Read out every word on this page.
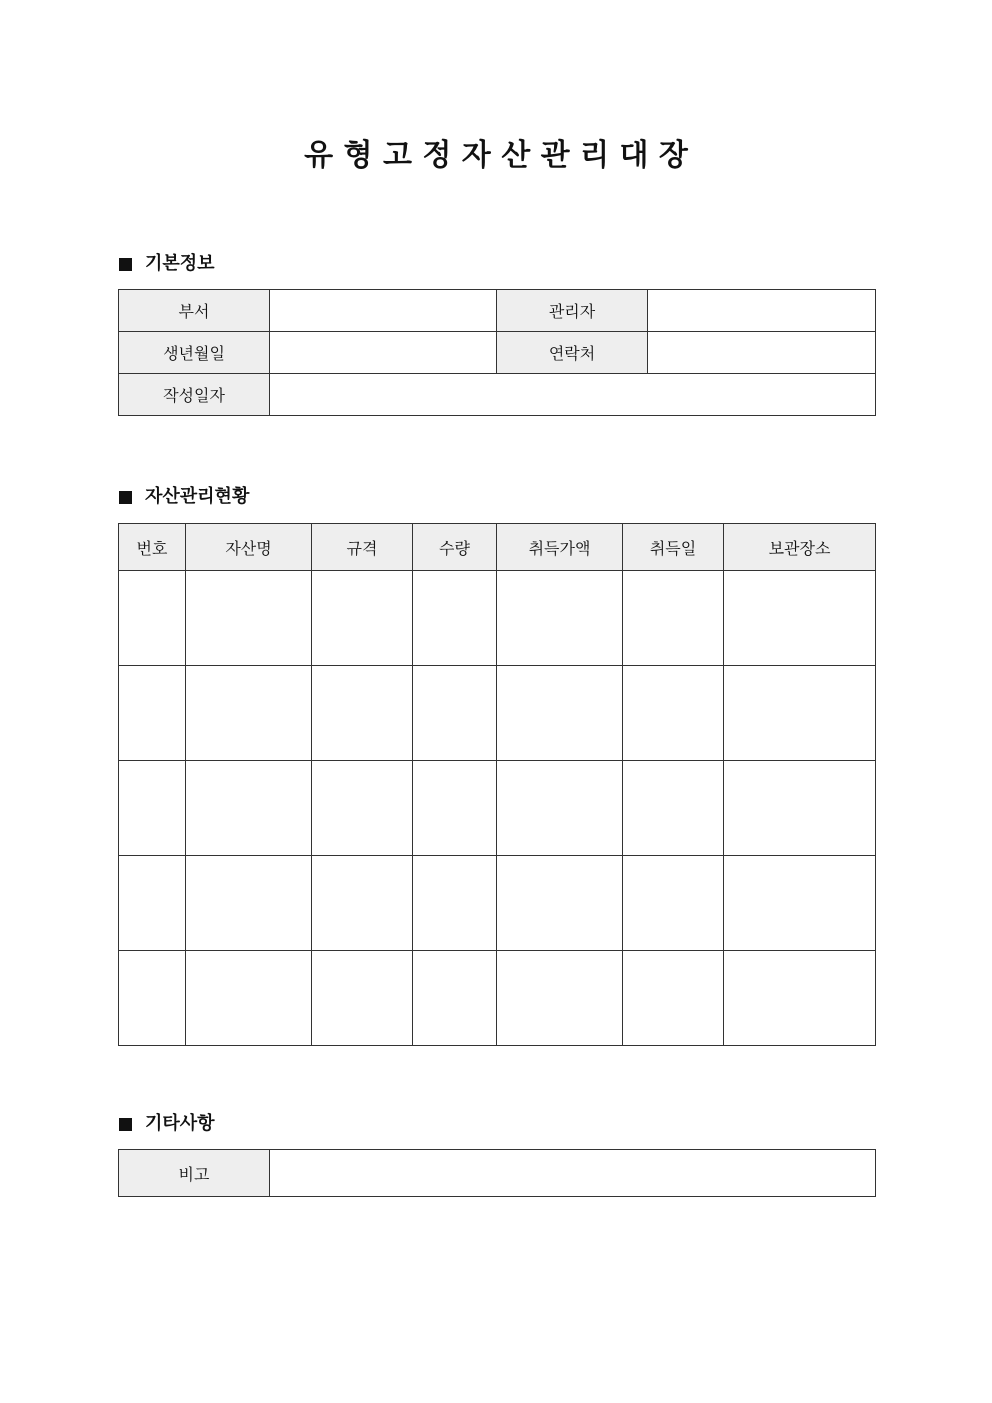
유 형 고 정 자 산 관 리 대 장
기본정보
부서		관리자	
생년월일		연락처	
작성일자			
자산관리현황
번호	자산명	규격	수량	취득가액	취득일	보관장소

기타사항
비고	
